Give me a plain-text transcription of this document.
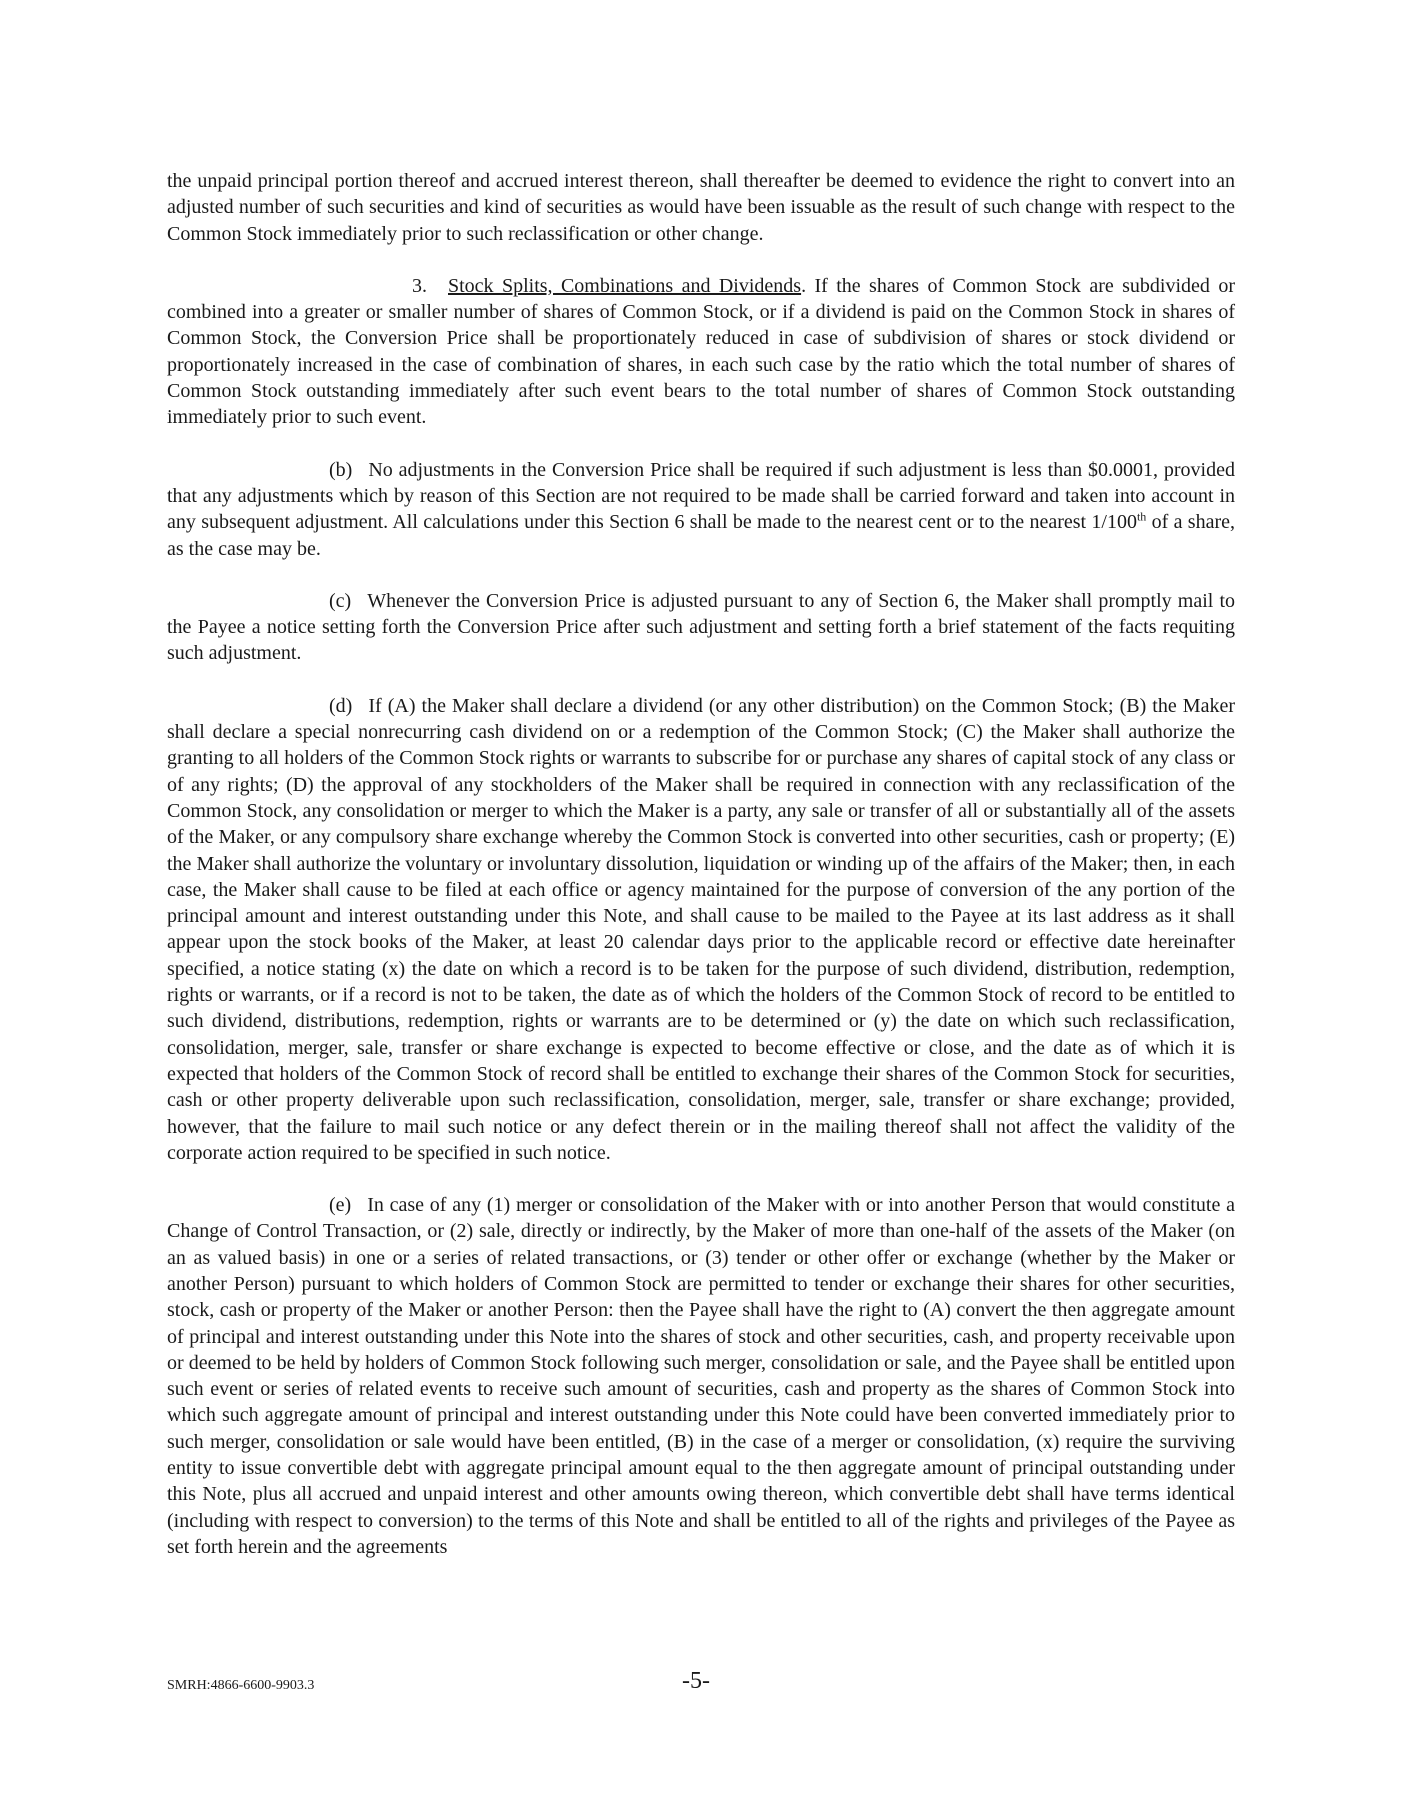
the unpaid principal portion thereof and accrued interest thereon, shall thereafter be deemed to evidence the right to convert into an adjusted number of such securities and kind of securities as would have been issuable as the result of such change with respect to the Common Stock immediately prior to such reclassification or other change.

3. Stock Splits, Combinations and Dividends. If the shares of Common Stock are subdivided or combined into a greater or smaller number of shares of Common Stock, or if a dividend is paid on the Common Stock in shares of Common Stock, the Conversion Price shall be proportionately reduced in case of subdivision of shares or stock dividend or proportionately increased in the case of combination of shares, in each such case by the ratio which the total number of shares of Common Stock outstanding immediately after such event bears to the total number of shares of Common Stock outstanding immediately prior to such event.

(b) No adjustments in the Conversion Price shall be required if such adjustment is less than $0.0001, provided that any adjustments which by reason of this Section are not required to be made shall be carried forward and taken into account in any subsequent adjustment. All calculations under this Section 6 shall be made to the nearest cent or to the nearest 1/100th of a share, as the case may be.

(c) Whenever the Conversion Price is adjusted pursuant to any of Section 6, the Maker shall promptly mail to the Payee a notice setting forth the Conversion Price after such adjustment and setting forth a brief statement of the facts requiting such adjustment.

(d) If (A) the Maker shall declare a dividend (or any other distribution) on the Common Stock; (B) the Maker shall declare a special nonrecurring cash dividend on or a redemption of the Common Stock; (C) the Maker shall authorize the granting to all holders of the Common Stock rights or warrants to subscribe for or purchase any shares of capital stock of any class or of any rights; (D) the approval of any stockholders of the Maker shall be required in connection with any reclassification of the Common Stock, any consolidation or merger to which the Maker is a party, any sale or transfer of all or substantially all of the assets of the Maker, or any compulsory share exchange whereby the Common Stock is converted into other securities, cash or property; (E) the Maker shall authorize the voluntary or involuntary dissolution, liquidation or winding up of the affairs of the Maker; then, in each case, the Maker shall cause to be filed at each office or agency maintained for the purpose of conversion of the any portion of the principal amount and interest outstanding under this Note, and shall cause to be mailed to the Payee at its last address as it shall appear upon the stock books of the Maker, at least 20 calendar days prior to the applicable record or effective date hereinafter specified, a notice stating (x) the date on which a record is to be taken for the purpose of such dividend, distribution, redemption, rights or warrants, or if a record is not to be taken, the date as of which the holders of the Common Stock of record to be entitled to such dividend, distributions, redemption, rights or warrants are to be determined or (y) the date on which such reclassification, consolidation, merger, sale, transfer or share exchange is expected to become effective or close, and the date as of which it is expected that holders of the Common Stock of record shall be entitled to exchange their shares of the Common Stock for securities, cash or other property deliverable upon such reclassification, consolidation, merger, sale, transfer or share exchange; provided, however, that the failure to mail such notice or any defect therein or in the mailing thereof shall not affect the validity of the corporate action required to be specified in such notice.

(e) In case of any (1) merger or consolidation of the Maker with or into another Person that would constitute a Change of Control Transaction, or (2) sale, directly or indirectly, by the Maker of more than one-half of the assets of the Maker (on an as valued basis) in one or a series of related transactions, or (3) tender or other offer or exchange (whether by the Maker or another Person) pursuant to which holders of Common Stock are permitted to tender or exchange their shares for other securities, stock, cash or property of the Maker or another Person: then the Payee shall have the right to (A) convert the then aggregate amount of principal and interest outstanding under this Note into the shares of stock and other securities, cash, and property receivable upon or deemed to be held by holders of Common Stock following such merger, consolidation or sale, and the Payee shall be entitled upon such event or series of related events to receive such amount of securities, cash and property as the shares of Common Stock into which such aggregate amount of principal and interest outstanding under this Note could have been converted immediately prior to such merger, consolidation or sale would have been entitled, (B) in the case of a merger or consolidation, (x) require the surviving entity to issue convertible debt with aggregate principal amount equal to the then aggregate amount of principal outstanding under this Note, plus all accrued and unpaid interest and other amounts owing thereon, which convertible debt shall have terms identical (including with respect to conversion) to the terms of this Note and shall be entitled to all of the rights and privileges of the Payee as set forth herein and the agreements

SMRH:4866-6600-9903.3	-5-
